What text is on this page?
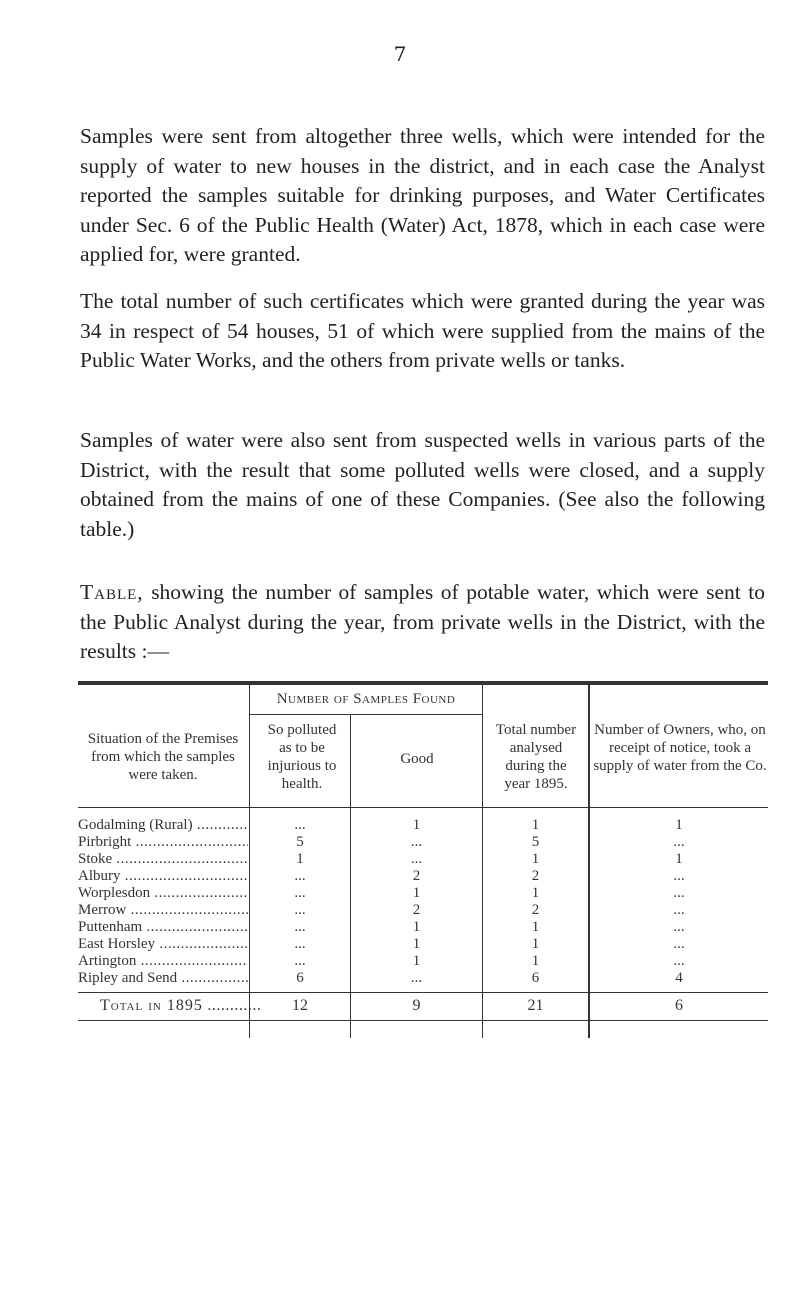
7

Samples were sent from altogether three wells, which were intended for the supply of water to new houses in the district, and in each case the Analyst reported the samples suitable for drinking purposes, and Water Certificates under Sec. 6 of the Public Health (Water) Act, 1878, which in each case were applied for, were granted.

The total number of such certificates which were granted during the year was 34 in respect of 54 houses, 51 of which were supplied from the mains of the Public Water Works, and the others from private wells or tanks.

Samples of water were also sent from suspected wells in various parts of the District, with the result that some polluted wells were closed, and a supply obtained from the mains of one of these Companies. (See also the following table.)

Table, showing the number of samples of potable water, which were sent to the Public Analyst during the year, from private wells in the District, with the results :—

Situation of the Premises from which the samples were taken.
Number of Samples Found
So polluted as to be injurious to health.
Good
Total number analysed during the year 1895.
Number of Owners, who, on receipt of notice, took a supply of water from the Co.
Godalming (Rural) .....	...	1	1	1
Pirbright .....	5	...	5	...
Stoke .....	1	...	1	1
Albury .....	...	2	2	...
Worplesdon .....	...	1	1	...
Merrow .....	...	2	2	...
Puttenham .....	...	1	1	...
East Horsley .....	...	1	1	...
Artington .....	...	1	1	...
Ripley and Send .....	6	...	6	4
Total in 1895 .....	12	9	21	6
